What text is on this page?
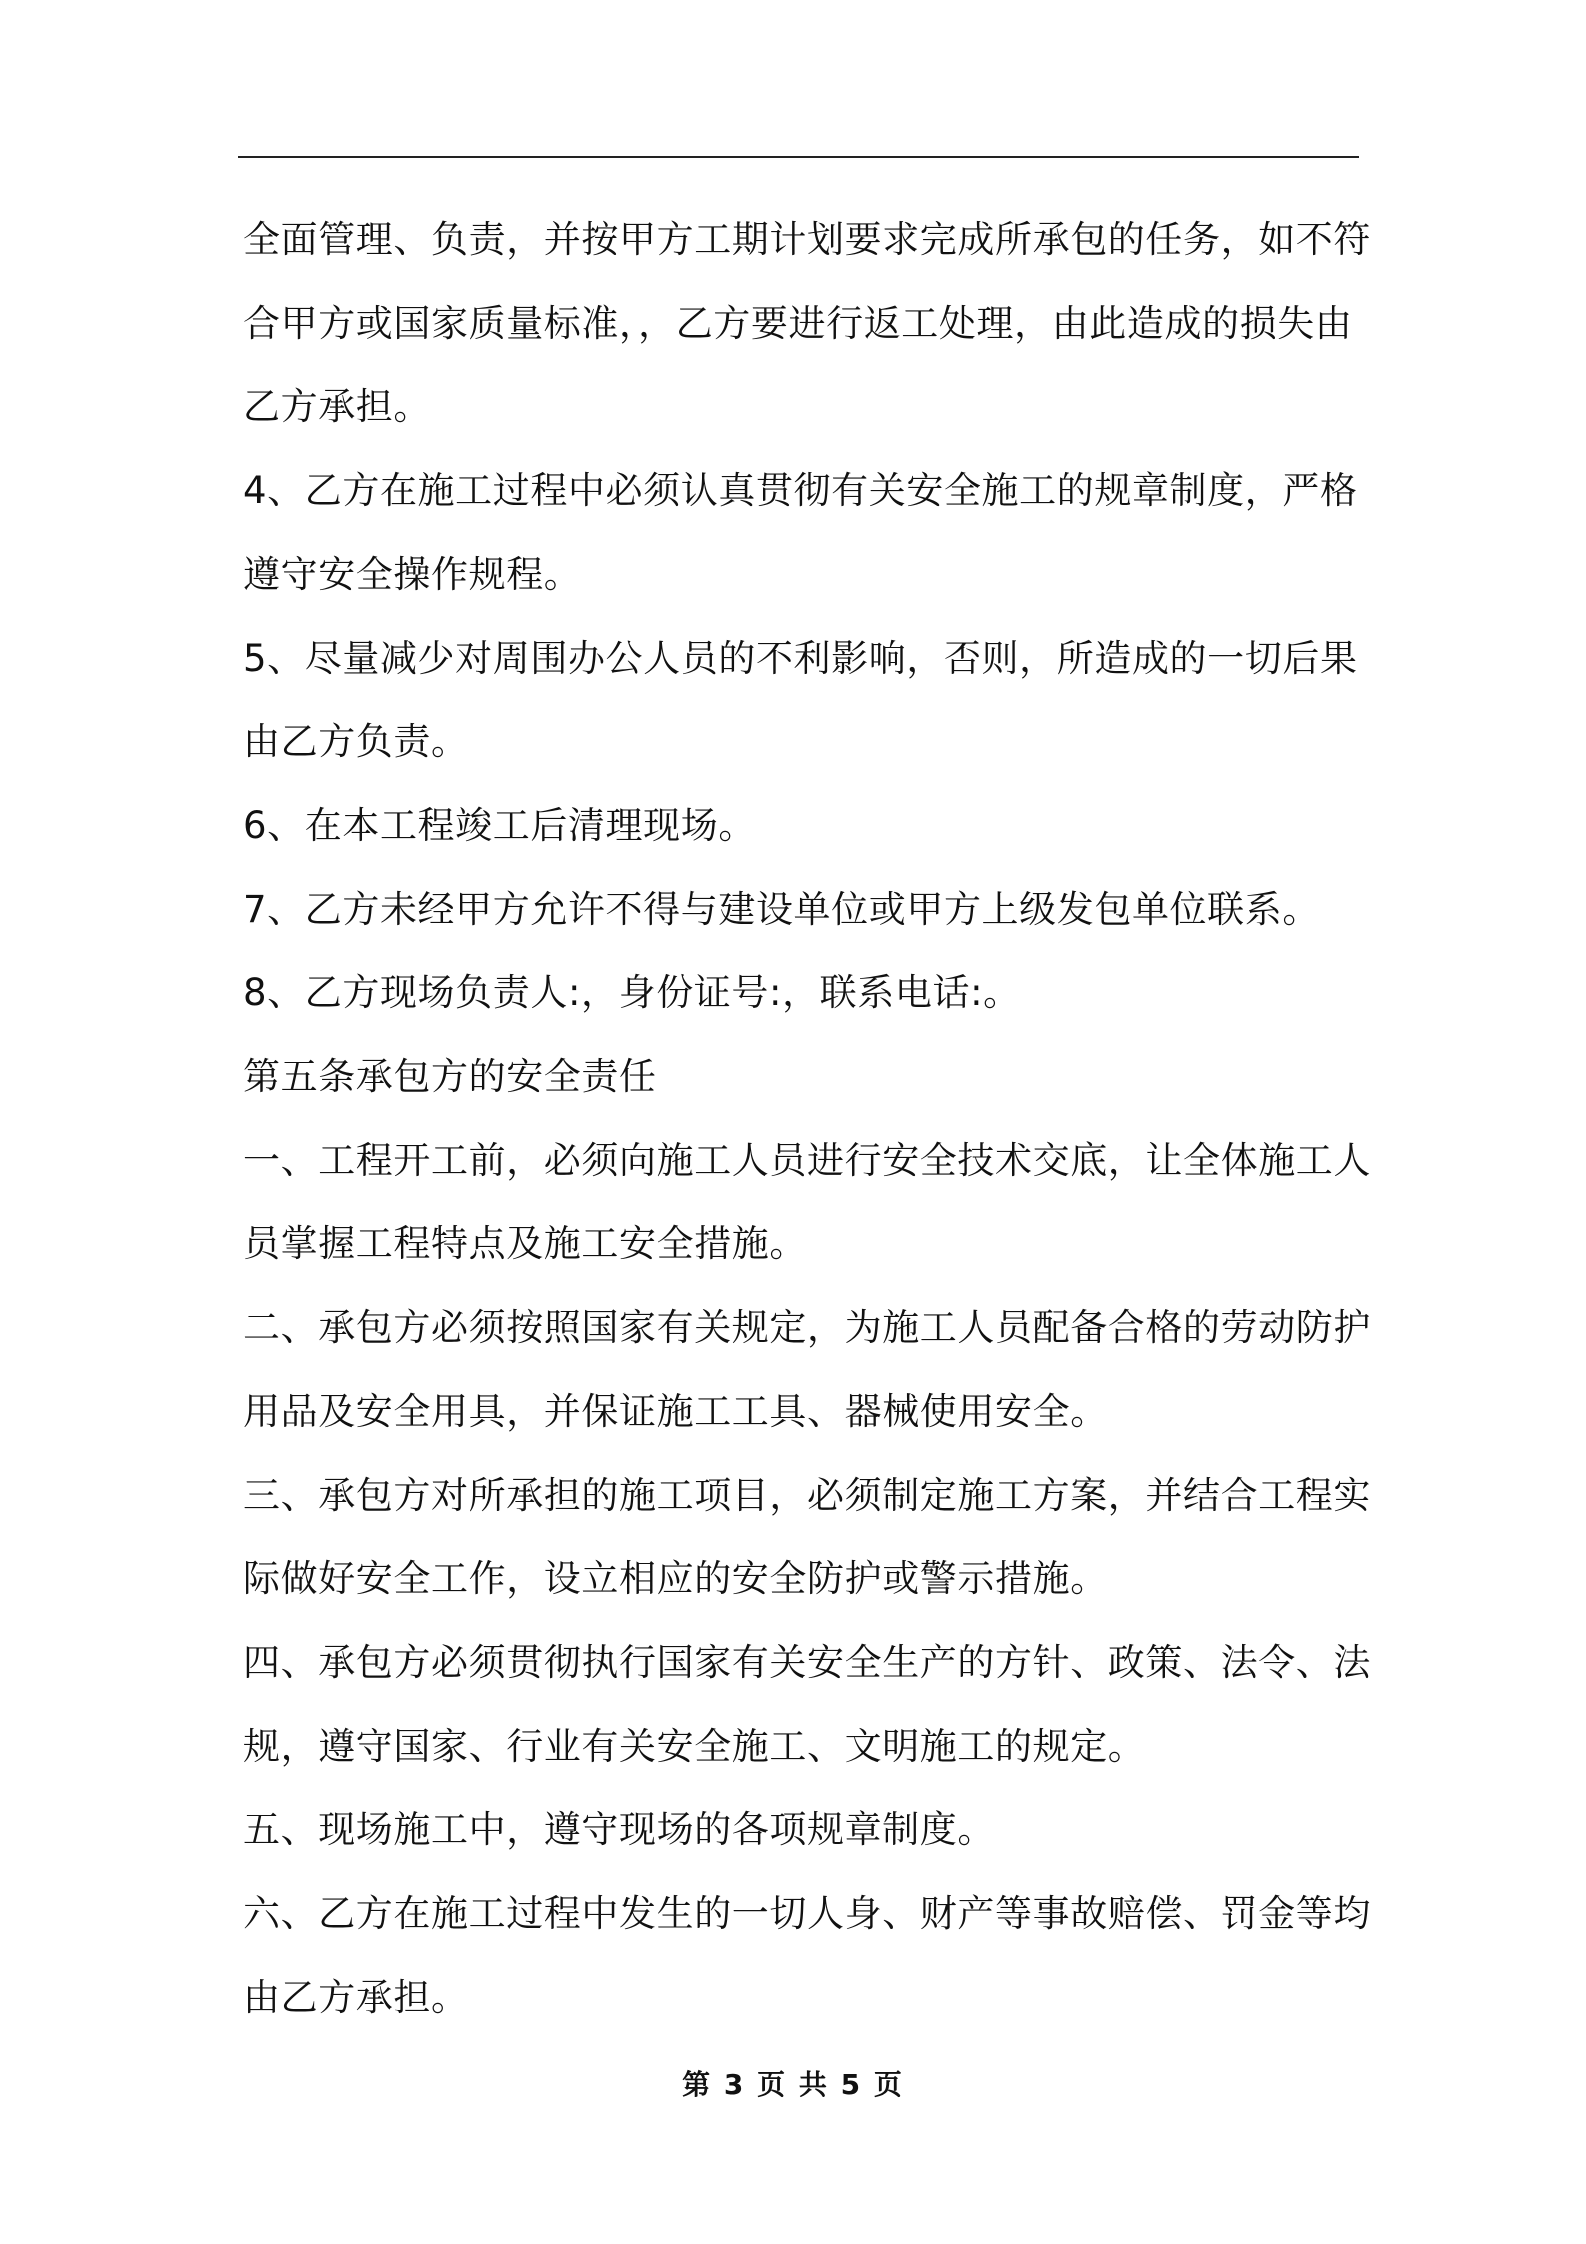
全面管理、负责，并按甲方工期计划要求完成所承包的任务，如不符

合甲方或国家质量标准，，乙方要进行返工处理，由此造成的损失由

乙方承担。

4、乙方在施工过程中必须认真贯彻有关安全施工的规章制度，严格

遵守安全操作规程。

5、尽量减少对周围办公人员的不利影响，否则，所造成的一切后果

由乙方负责。

6、在本工程竣工后清理现场。

7、乙方未经甲方允许不得与建设单位或甲方上级发包单位联系。

8、乙方现场负责人:，身份证号:，联系电话:。

第五条承包方的安全责任

一、工程开工前，必须向施工人员进行安全技术交底，让全体施工人

员掌握工程特点及施工安全措施。

二、承包方必须按照国家有关规定，为施工人员配备合格的劳动防护

用品及安全用具，并保证施工工具、器械使用安全。

三、承包方对所承担的施工项目，必须制定施工方案，并结合工程实

际做好安全工作，设立相应的安全防护或警示措施。

四、承包方必须贯彻执行国家有关安全生产的方针、政策、法令、法

规，遵守国家、行业有关安全施工、文明施工的规定。

五、现场施工中，遵守现场的各项规章制度。

六、乙方在施工过程中发生的一切人身、财产等事故赔偿、罚金等均

由乙方承担。

第 3 页 共 5 页
